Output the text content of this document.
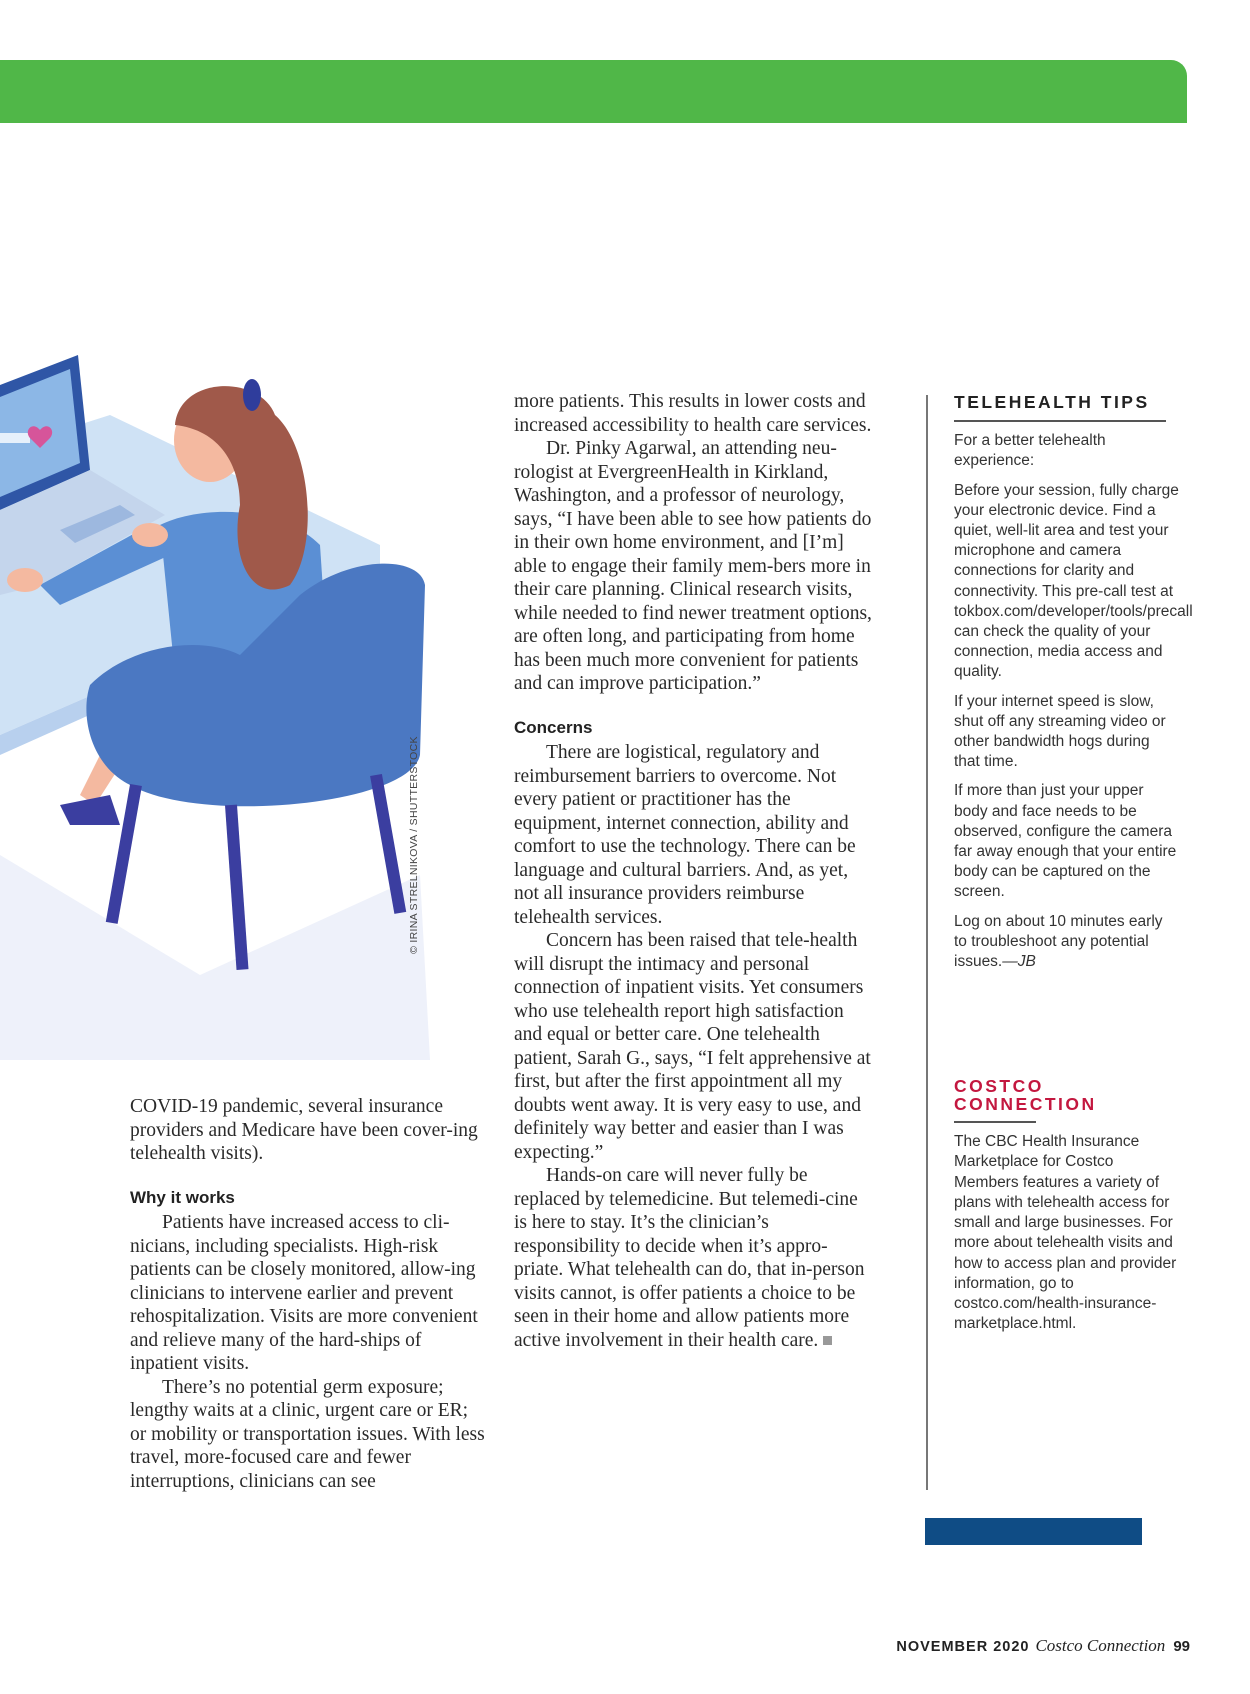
© IRINA STRELNIKOVA / SHUTTERSTOCK

COVID-19 pandemic, several insurance providers and Medicare have been cover-ing telehealth visits).

Why it works

Patients have increased access to cli-nicians, including specialists. High-risk patients can be closely monitored, allow-ing clinicians to intervene earlier and prevent rehospitalization. Visits are more convenient and relieve many of the hard-ships of inpatient visits.

There’s no potential germ exposure; lengthy waits at a clinic, urgent care or ER; or mobility or transportation issues. With less travel, more-focused care and fewer interruptions, clinicians can see

more patients. This results in lower costs and increased accessibility to health care services.

Dr. Pinky Agarwal, an attending neu-rologist at EvergreenHealth in Kirkland, Washington, and a professor of neurology, says, “I have been able to see how patients do in their own home environment, and [I’m] able to engage their family mem-bers more in their care planning. Clinical research visits, while needed to find newer treatment options, are often long, and participating from home has been much more convenient for patients and can improve participation.”

Concerns

There are logistical, regulatory and reimbursement barriers to overcome. Not every patient or practitioner has the equipment, internet connection, ability and comfort to use the technology. There can be language and cultural barriers. And, as yet, not all insurance providers reimburse telehealth services.

Concern has been raised that tele-health will disrupt the intimacy and personal connection of inpatient visits. Yet consumers who use telehealth report high satisfaction and equal or better care. One telehealth patient, Sarah G., says, “I felt apprehensive at first, but after the first appointment all my doubts went away. It is very easy to use, and definitely way better and easier than I was expecting.”

Hands-on care will never fully be replaced by telemedicine. But telemedi-cine is here to stay. It’s the clinician’s responsibility to decide when it’s appro-priate. What telehealth can do, that in-person visits cannot, is offer patients a choice to be seen in their home and allow patients more active involvement in their health care.

TELEHEALTH TIPS

For a better telehealth experience:

Before your session, fully charge your electronic device. Find a quiet, well-lit area and test your microphone and camera connections for clarity and connectivity. This pre-call test at tokbox.com/developer/tools/precall can check the quality of your connection, media access and quality.

If your internet speed is slow, shut off any streaming video or other bandwidth hogs during that time.

If more than just your upper body and face needs to be observed, configure the camera far away enough that your entire body can be captured on the screen.

Log on about 10 minutes early to troubleshoot any potential issues.—JB

COSTCO
CONNECTION

The CBC Health Insurance Marketplace for Costco Members features a variety of plans with telehealth access for small and large businesses. For more about telehealth visits and how to access plan and provider information, go to costco.com/health-insurance-marketplace.html.

NOVEMBER 2020 Costco Connection 99
